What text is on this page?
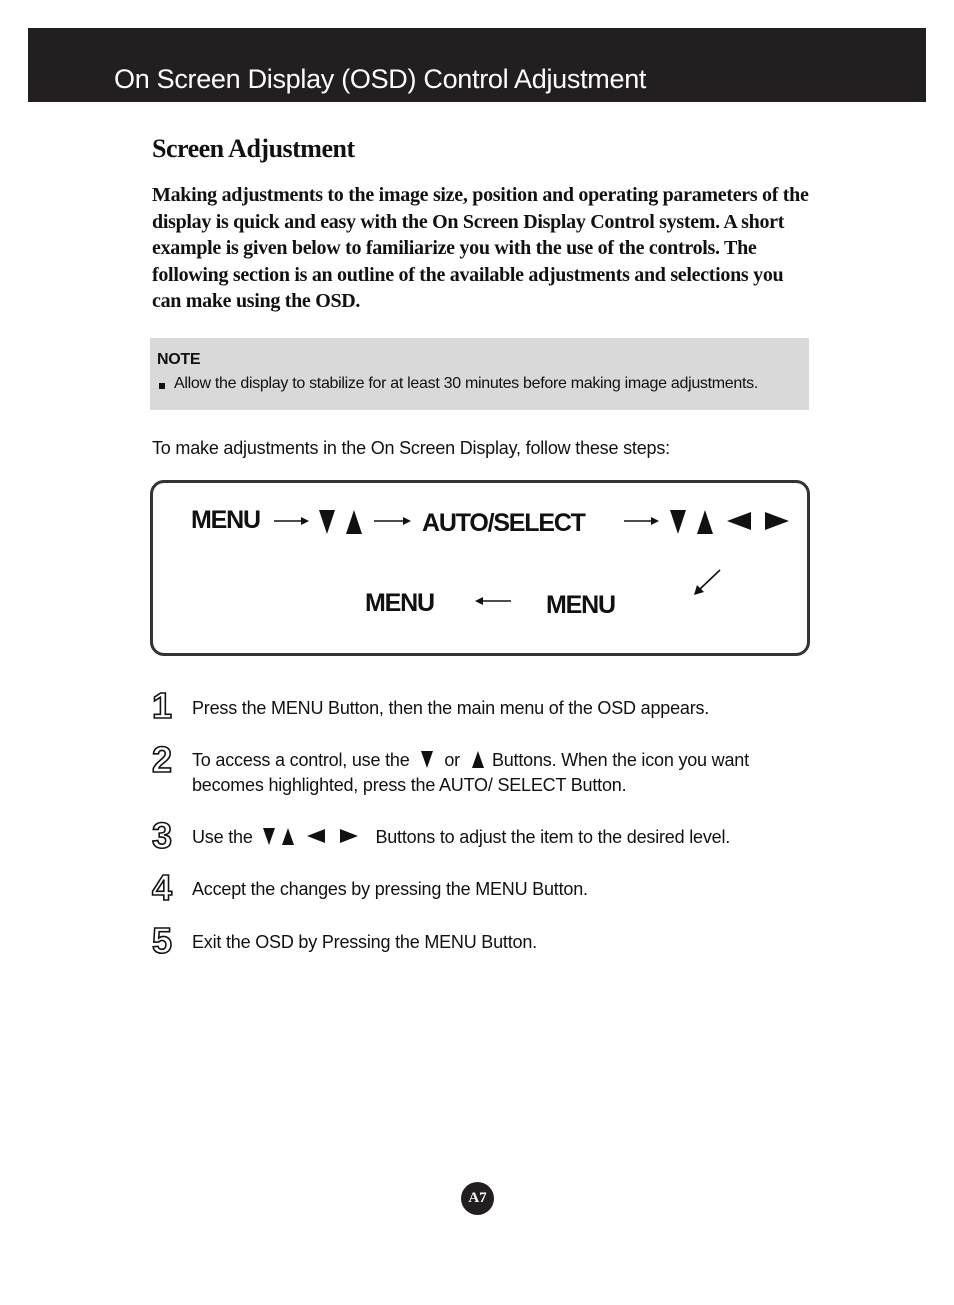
On Screen Display (OSD) Control Adjustment
Screen Adjustment
Making adjustments to the image size, position and operating parameters of the display is quick and easy with the On Screen Display Control system. A short example is given below to familiarize you with the use of the controls. The following section is an outline of the available adjustments and selections you can make using the OSD.
NOTE
Allow the display to stabilize for at least 30 minutes before making image adjustments.
To make adjustments in the On Screen Display, follow these steps:
MENU	AUTO/SELECT
MENU	MENU
1 Press the MENU Button, then the main menu of the OSD appears.
2 To access a control, use the or Buttons. When the icon you want
becomes highlighted, press the AUTO/ SELECT Button.
3 Use the	Buttons to adjust the item to the desired level.
4 Accept the changes by pressing the MENU Button.
5 Exit the OSD by Pressing the MENU Button.
A7
